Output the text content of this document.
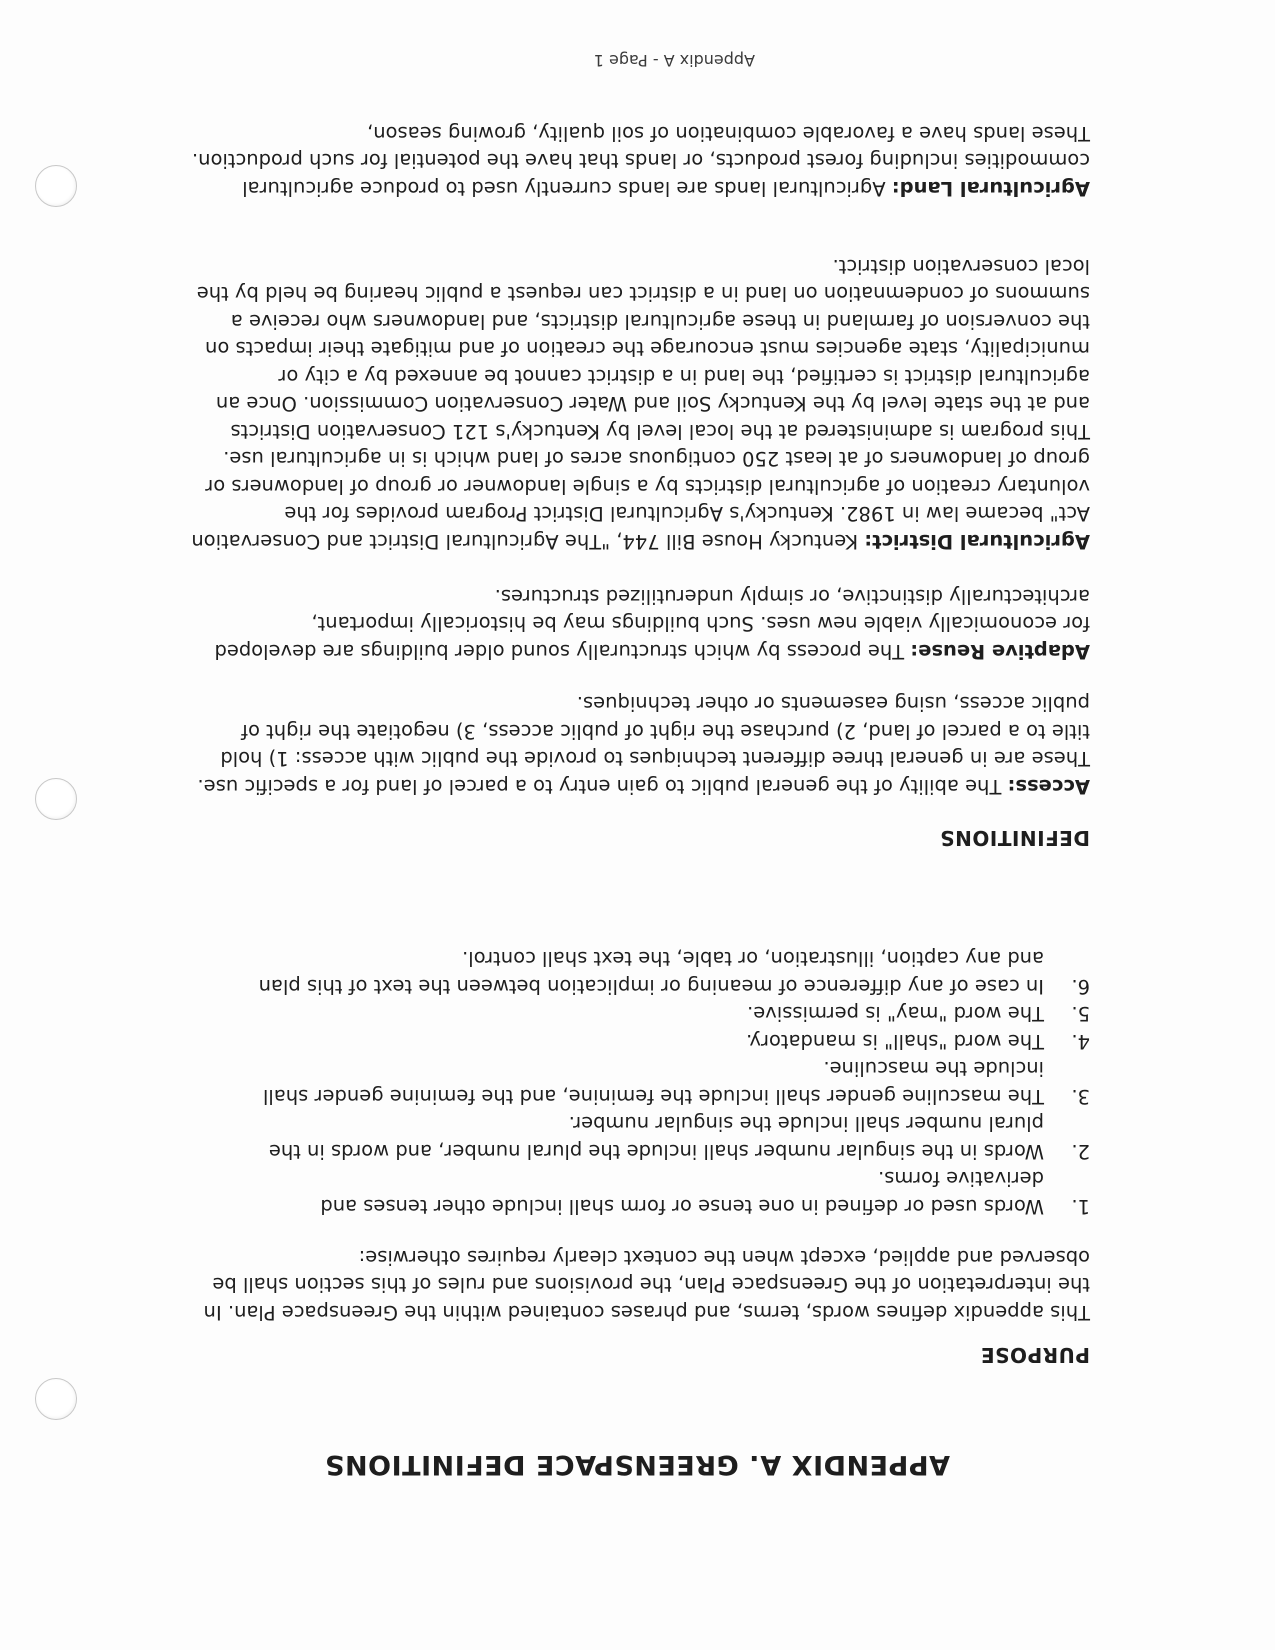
APPENDIX A. GREENSPACE DEFINITIONS
PURPOSE

This appendix defines words, terms, and phrases contained within the Greenspace Plan. In the interpretation of the Greenspace Plan, the provisions and rules of this section shall be observed and applied, except when the context clearly requires otherwise:

1.
Words used or defined in one tense or form shall include other tenses and derivative forms.
2.
Words in the singular number shall include the plural number, and words in the plural number shall include the singular number.
3.
The masculine gender shall include the feminine, and the feminine gender shall include the masculine.
4.
The word "shall" is mandatory.
5.
The word "may" is permissive.
6.
In case of any difference of meaning or implication between the text of this plan and any caption, illustration, or table, the text shall control.
DEFINITIONS

Access: The ability of the general public to gain entry to a parcel of land for a specific use. These are in general three different techniques to provide the public with access: 1) hold title to a parcel of land, 2) purchase the right of public access, 3) negotiate the right of public access, using easements or other techniques.

Adaptive Reuse: The process by which structurally sound older buildings are developed for economically viable new uses. Such buildings may be historically important, architecturally distinctive, or simply underutilized structures.

Agricultural District: Kentucky House Bill 744, "The Agricultural District and Conservation Act" became law in 1982. Kentucky's Agricultural District Program provides for the voluntary creation of agricultural districts by a single landowner or group of landowners or group of landowners of at least 250 contiguous acres of land which is in agricultural use. This program is administered at the local level by Kentucky's 121 Conservation Districts and at the state level by the Kentucky Soil and Water Conservation Commission. Once an agricultural district is certified, the land in a district cannot be annexed by a city or municipality, state agencies must encourage the creation of and mitigate their impacts on the conversion of farmland in these agricultural districts, and landowners who receive a summons of condemnation on land in a district can request a public hearing be held by the local conservation district.

Agricultural Land: Agricultural lands are lands currently used to produce agricultural commodities including forest products, or lands that have the potential for such production. These lands have a favorable combination of soil quality, growing season,

Appendix A - Page 1
